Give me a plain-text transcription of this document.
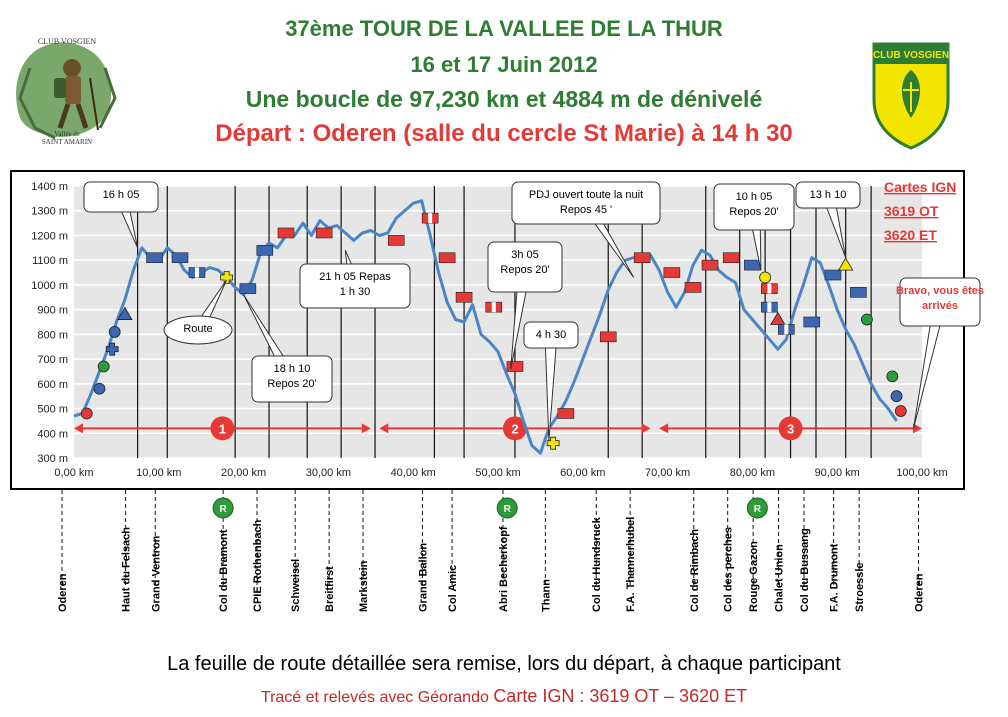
37ème TOUR DE LA VALLEE DE LA THUR
16 et 17 Juin 2012
Une boucle de 97,230 km et 4884 m de dénivelé
Départ : Oderen (salle du cercle St Marie) à 14 h 30
CLUB VOSGIEN
Vallée de
SAINT AMARIN
CLUB VOSGIEN
300 m
400 m
500 m
600 m
700 m
800 m
900 m
1000 m
1100 m
1200 m
1300 m
1400 m
0,00 km	10,00 km	20,00 km	30,00 km	40,00 km	50,00 km	60,00 km	70,00 km	80,00 km	90,00 km	100,00 km
1	2	3
16 h 05
Route
18 h 10
Repos 20'
21 h 05 Repas
1 h 30
PDJ ouvert toute la nuit
Repos 45 '
3h 05
Repos 20'
4 h 30
10 h 05
Repos 20'
13 h 10
Bravo, vous êtes
arrivés
Cartes IGN
3619 OT
3620 ET
Oderen	Haut du Felsach Grand Ventron	Col du Bramont CPIE Rothenbach Schweisel Breitfirst Markstein	Grand Ballon Col Amic	Abri Becherkopf	Thann	Col du Hundsruck F.A. Thannerhubel	Col de Rimbach Col des perches Rouge Gazon Chalet Union Col du Bussang F.A. Drumont Stroessle	Oderen
R	R	R
La feuille de route détaillée sera remise, lors du départ, à chaque participant
Tracé et relevés avec Géorando Carte IGN : 3619 OT – 3620 ET
